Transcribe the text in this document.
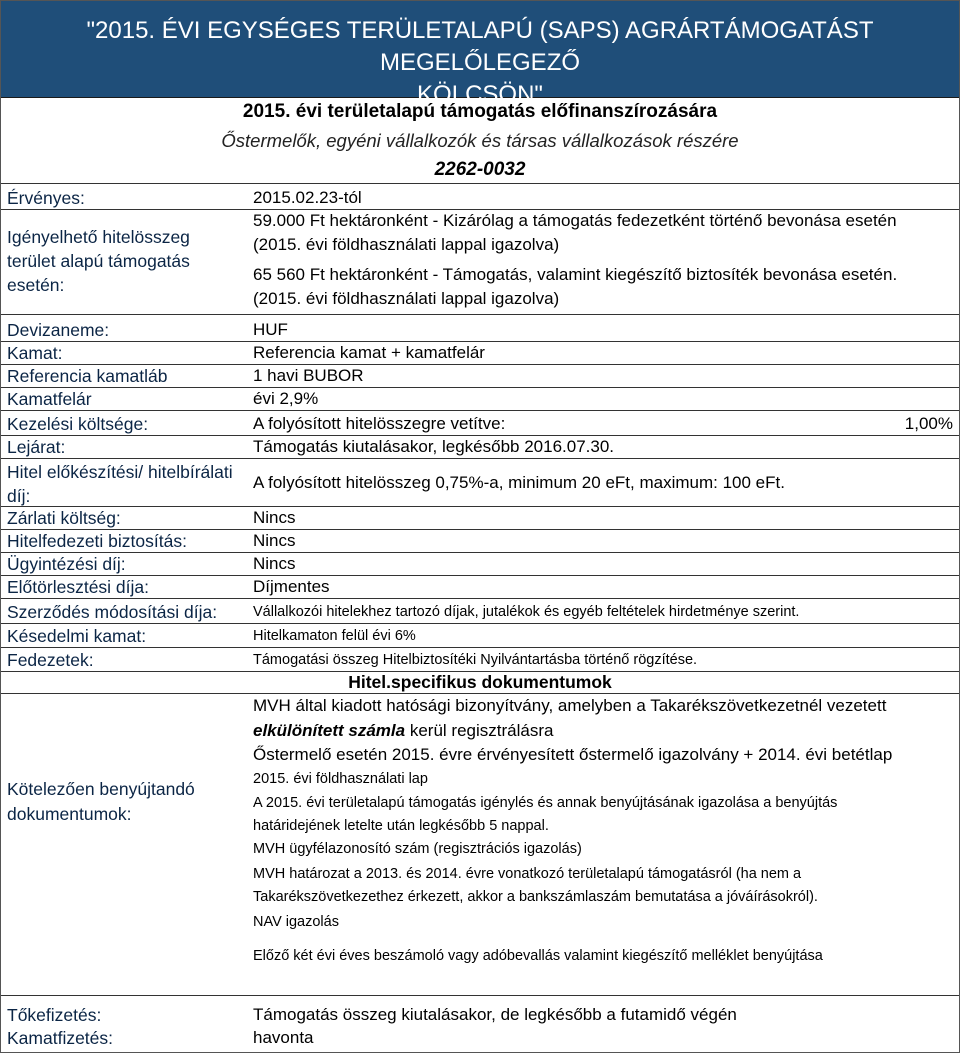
"2015. ÉVI EGYSÉGES TERÜLETALAPÚ (SAPS) AGRÁRTÁMOGATÁST MEGELŐLEGEZŐ
KÖLCSÖN"
2015. évi területalapú támogatás előfinanszírozására
Őstermelők, egyéni vállalkozók és társas vállalkozások részére
2262-0032
Érvényes:	2015.02.23-tól
Igényelhető hitelösszeg
terület alapú támogatás
esetén:
59.000 Ft hektáronként - Kizárólag a támogatás fedezetként történő bevonása esetén
(2015. évi földhasználati lappal igazolva)
65 560 Ft hektáronként - Támogatás, valamint kiegészítő biztosíték bevonása esetén.
(2015. évi földhasználati lappal igazolva)
Devizaneme:	HUF
Kamat:	Referencia kamat + kamatfelár
Referencia kamatláb	1 havi BUBOR
Kamatfelár	évi 2,9%
Kezelési költsége:	A folyósított hitelösszegre vetítve:	1,00%
Lejárat:	Támogatás kiutalásakor, legkésőbb 2016.07.30.
Hitel előkészítési/ hitelbírálati
díj:
A folyósított hitelösszeg 0,75%-a, minimum 20 eFt, maximum: 100 eFt.
Zárlati költség:	Nincs
Hitelfedezeti biztosítás:	Nincs
Ügyintézési díj:	Nincs
Előtörlesztési díja:	Díjmentes
Szerződés módosítási díja: Vállalkozói hitelekhez tartozó díjak, jutalékok és egyéb feltételek hirdetménye szerint.
Késedelmi kamat:	Hitelkamaton felül évi 6%
Fedezetek:	Támogatási összeg Hitelbiztosítéki Nyilvántartásba történő rögzítése.
Hitel.specifikus dokumentumok
Kötelezően benyújtandó
dokumentumok:
MVH által kiadott hatósági bizonyítvány, amelyben a Takarékszövetkezetnél vezetett
elkülönített számla kerül regisztrálásra
Őstermelő esetén 2015. évre érvényesített őstermelő igazolvány + 2014. évi betétlap
2015. évi földhasználati lap
A 2015. évi területalapú támogatás igénylés és annak benyújtásának igazolása a benyújtás
határidejének letelte után legkésőbb 5 nappal.
MVH ügyfélazonosító szám (regisztrációs igazolás)
MVH határozat a 2013. és 2014. évre vonatkozó területalapú támogatásról (ha nem a
Takarékszövetkezethez érkezett, akkor a bankszámlaszám bemutatása a jóváírásokról).
NAV igazolás
Előző két évi éves beszámoló vagy adóbevallás valamint kiegészítő melléklet benyújtása
Tőkefizetés:	Támogatás összeg kiutalásakor, de legkésőbb a futamidő végén
Kamatfizetés:	havonta
